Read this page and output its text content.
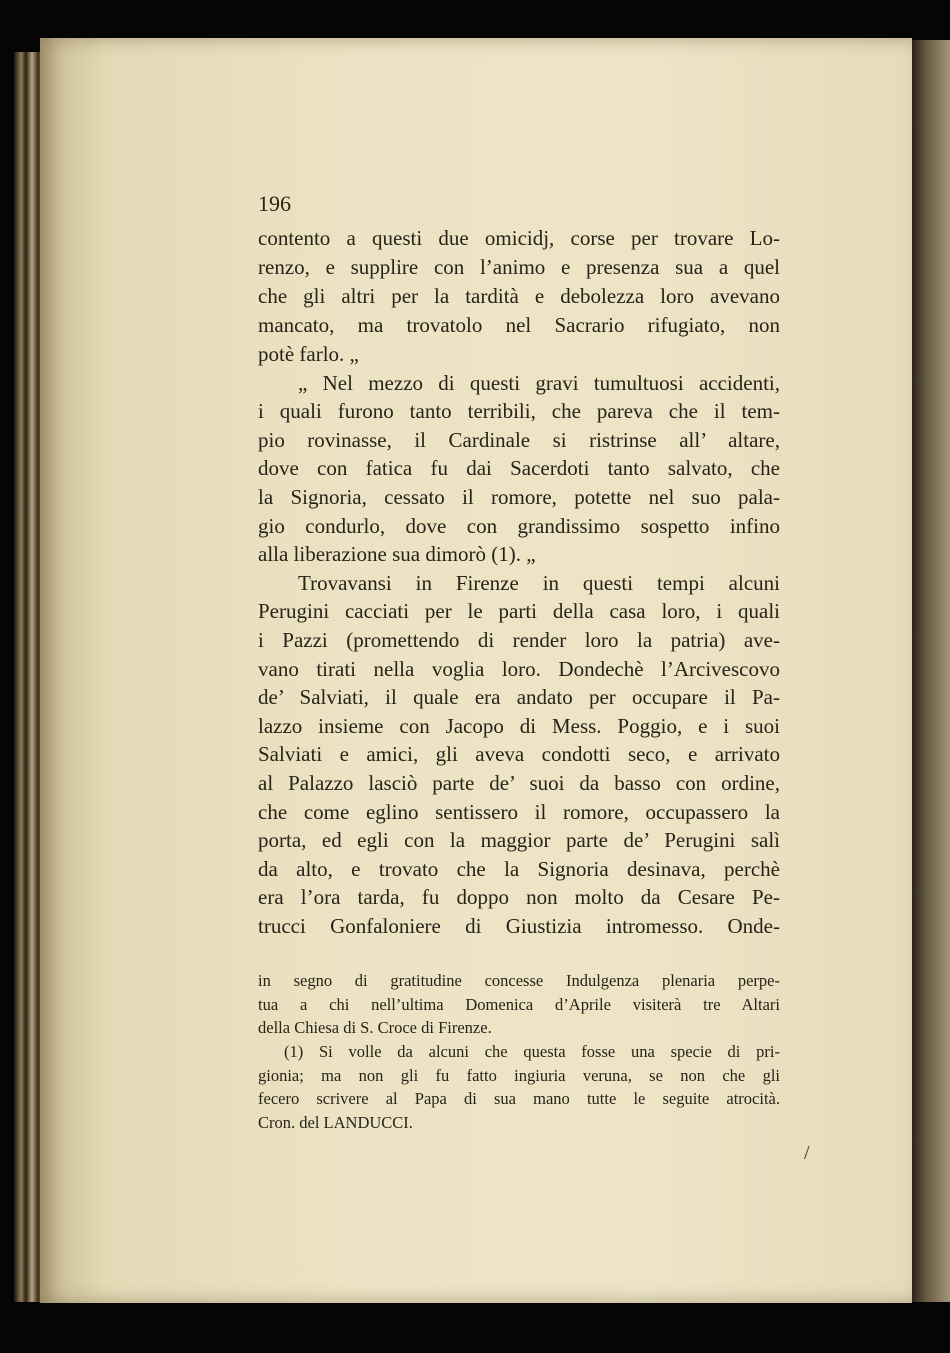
196
contento a questi due omicidj, corse per trovare Lo-
renzo, e supplire con l’animo e presenza sua a quel
che gli altri per la tardità e debolezza loro avevano
mancato, ma trovatolo nel Sacrario rifugiato, non
potè farlo. „
„ Nel mezzo di questi gravi tumultuosi accidenti,
i quali furono tanto terribili, che pareva che il tem-
pio rovinasse, il Cardinale si ristrinse all’ altare,
dove con fatica fu dai Sacerdoti tanto salvato, che
la Signoria, cessato il romore, potette nel suo pala-
gio condurlo, dove con grandissimo sospetto infino
alla liberazione sua dimorò (1). „
Trovavansi in Firenze in questi tempi alcuni
Perugini cacciati per le parti della casa loro, i quali
i Pazzi (promettendo di render loro la patria) ave-
vano tirati nella voglia loro. Dondechè l’Arcivescovo
de’ Salviati, il quale era andato per occupare il Pa-
lazzo insieme con Jacopo di Mess. Poggio, e i suoi
Salviati e amici, gli aveva condotti seco, e arrivato
al Palazzo lasciò parte de’ suoi da basso con ordine,
che come eglino sentissero il romore, occupassero la
porta, ed egli con la maggior parte de’ Perugini salì
da alto, e trovato che la Signoria desinava, perchè
era l’ora tarda, fu doppo non molto da Cesare Pe-
trucci Gonfaloniere di Giustizia intromesso. Onde-
in segno di gratitudine concesse Indulgenza plenaria perpe-
tua a chi nell’ultima Domenica d’Aprile visiterà tre Altari
della Chiesa di S. Croce di Firenze.
(1) Si volle da alcuni che questa fosse una specie di pri-
gionia; ma non gli fu fatto ingiuria veruna, se non che gli
fecero scrivere al Papa di sua mano tutte le seguite atrocità.
Cron. del LANDUCCI.
/
